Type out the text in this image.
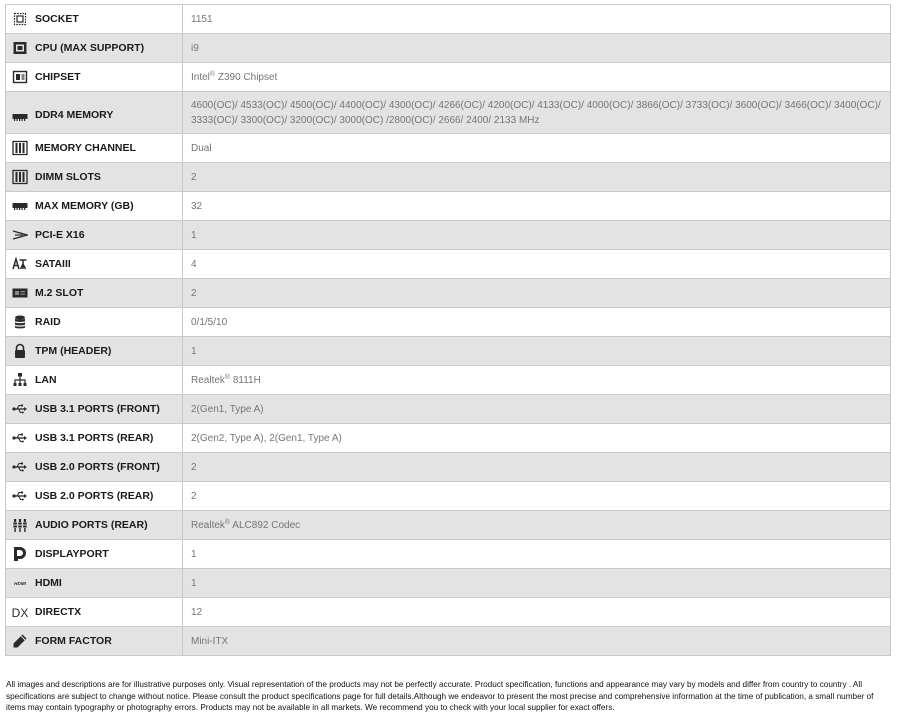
SOCKET	1151

CPU (MAX SUPPORT)	i9

CHIPSET	Intel® Z390 Chipset

DDR4 MEMORY	4600(OC)/ 4533(OC)/ 4500(OC)/ 4400(OC)/ 4300(OC)/ 4266(OC)/ 4200(OC)/ 4133(OC)/ 4000(OC)/ 3866(OC)/ 3733(OC)/ 3600(OC)/ 3466(OC)/ 3400(OC)/ 3333(OC)/ 3300(OC)/ 3200(OC)/ 3000(OC) /2800(OC)/ 2666/ 2400/ 2133 MHz

MEMORY CHANNEL	Dual

DIMM SLOTS	2

MAX MEMORY (GB)	32

PCI-E X16	1

SATAIII	4

M.2 SLOT	2

RAID	0/1/5/10

TPM (HEADER)	1

LAN	Realtek® 8111H

USB 3.1 PORTS (FRONT)	2(Gen1, Type A)

USB 3.1 PORTS (REAR)	2(Gen2, Type A), 2(Gen1, Type A)

USB 2.0 PORTS (FRONT)	2

USB 2.0 PORTS (REAR)	2

AUDIO PORTS (REAR)	Realtek® ALC892 Codec

DISPLAYPORT	1

HDMI HDMI	1

DX DIRECTX	12

FORM FACTOR	Mini-ITX

All images and descriptions are for illustrative purposes only. Visual representation of the products may not be perfectly accurate. Product specification, functions and appearance may vary by models and differ from country to country . All specifications are subject to change without notice. Please consult the product specifications page for full details.Although we endeavor to present the most precise and comprehensive information at the time of publication, a small number of items may contain typography or photography errors. Products may not be available in all markets. We recommend you to check with your local supplier for exact offers.
